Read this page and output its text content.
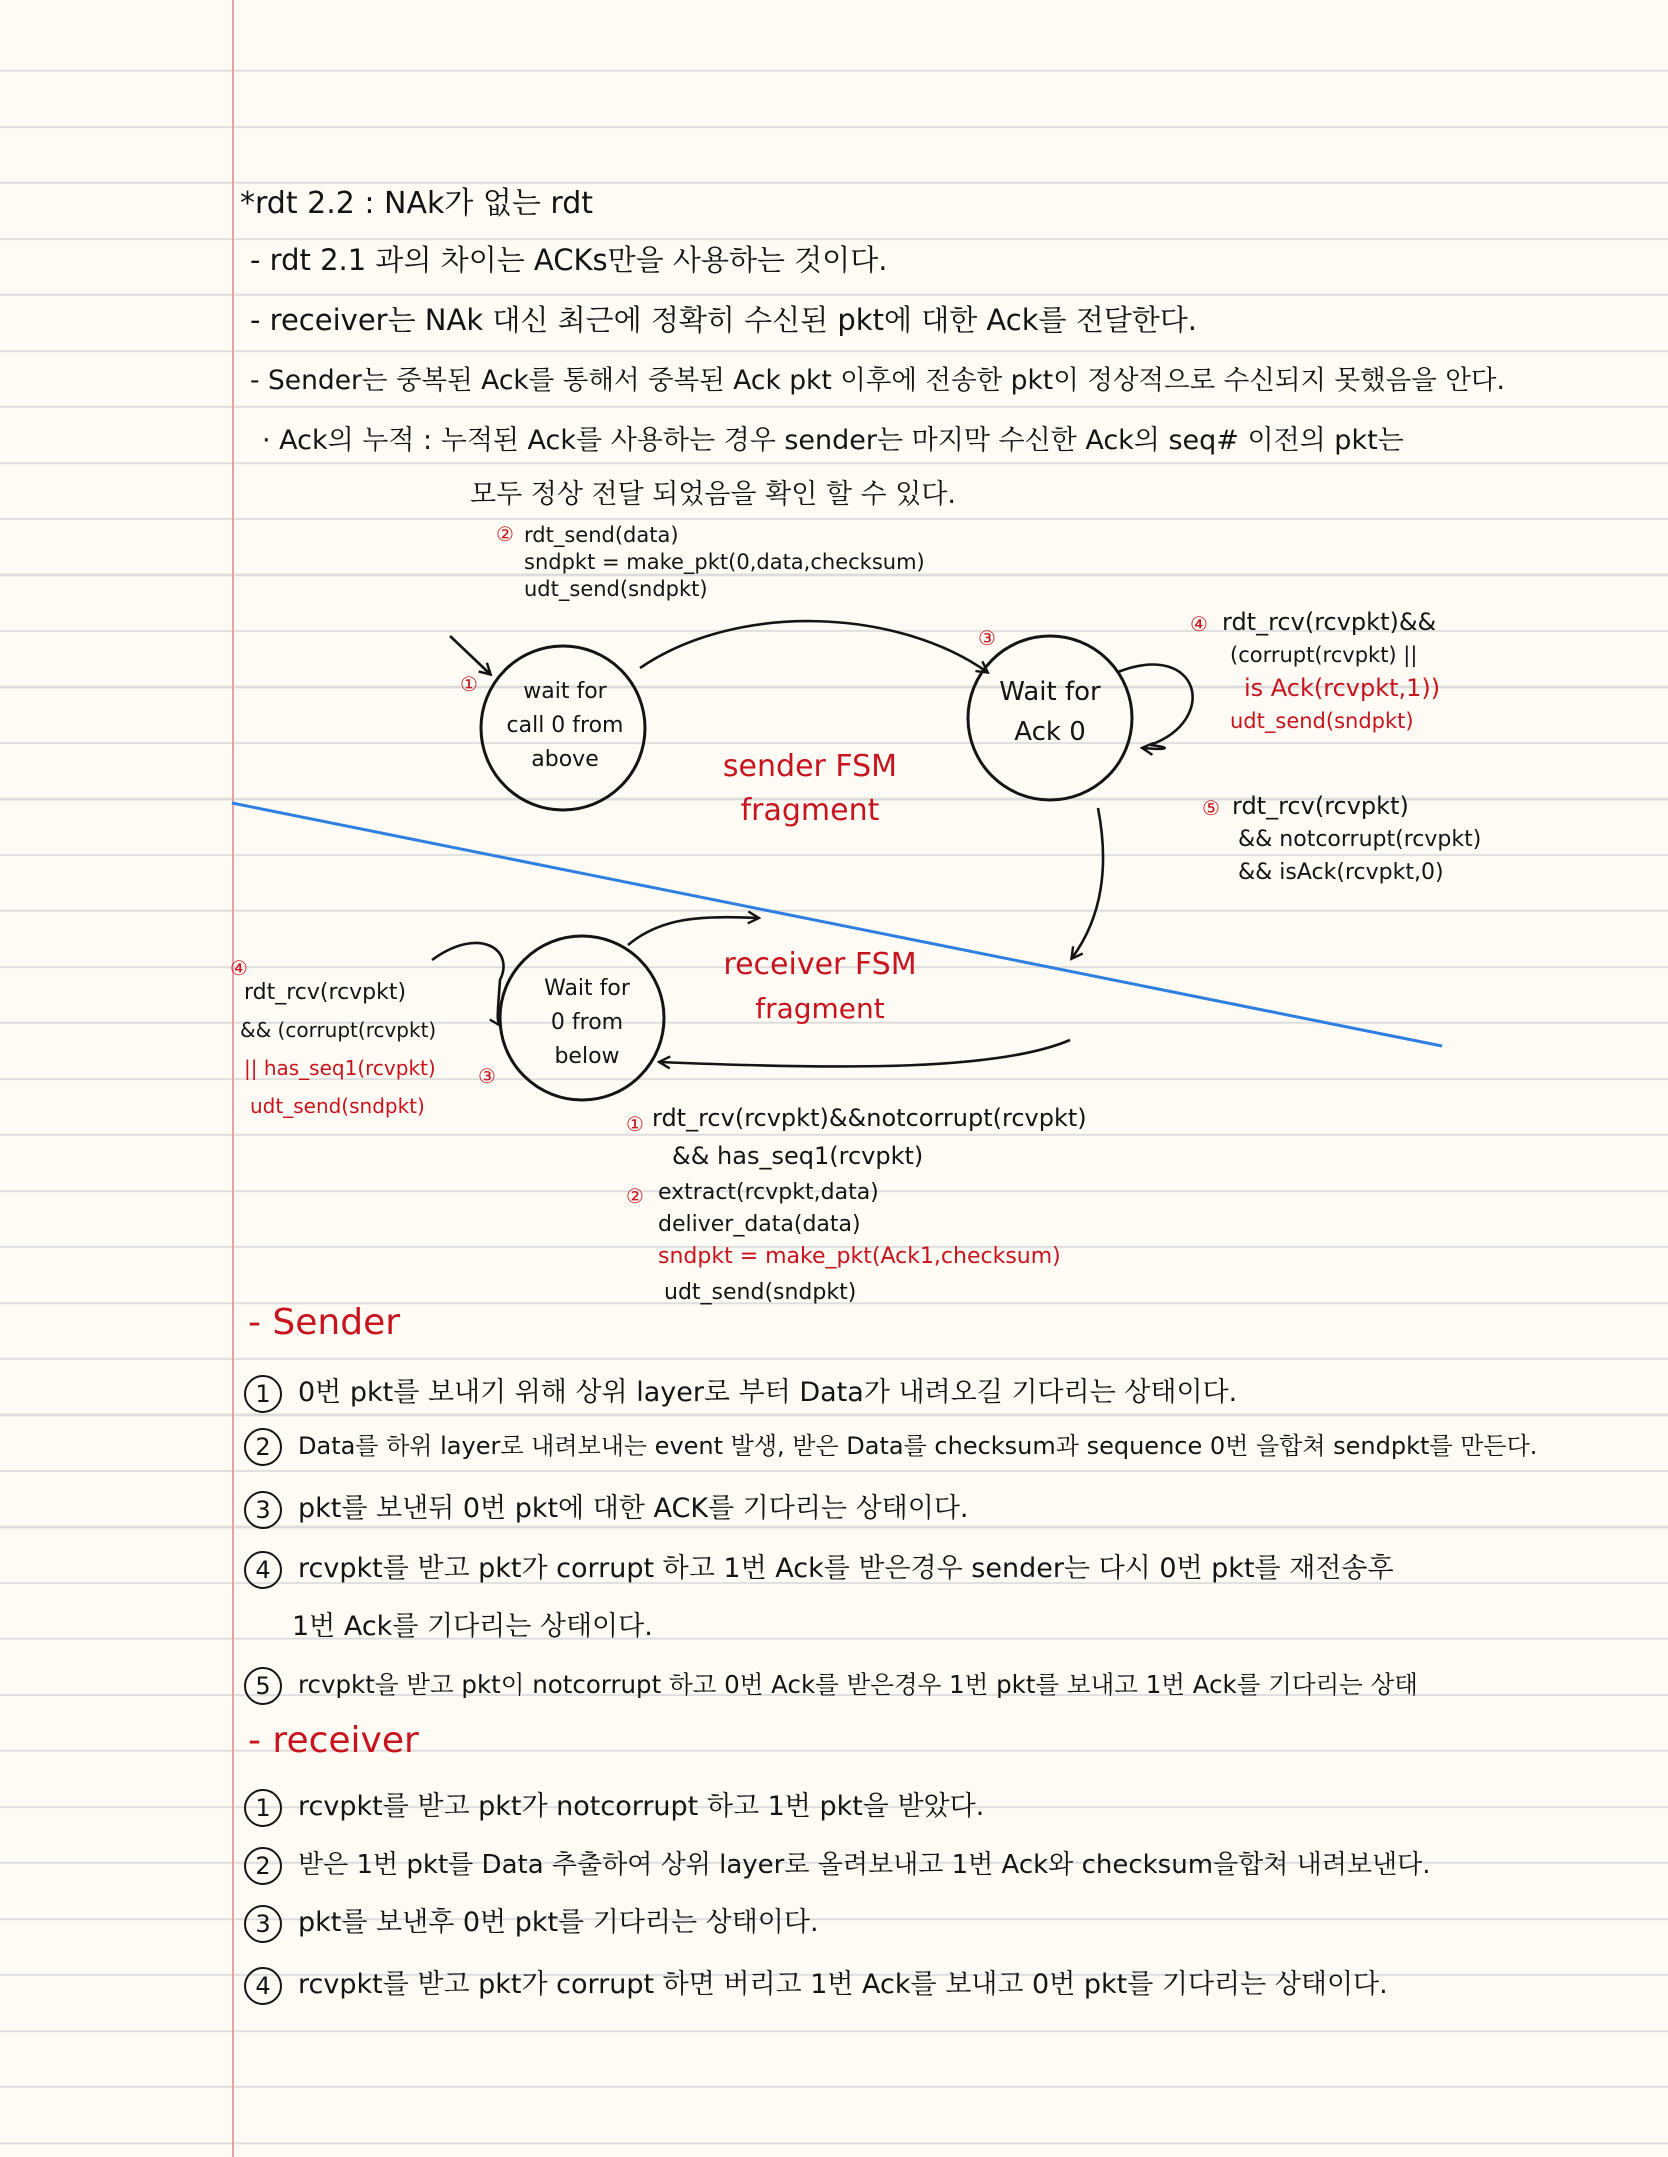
*rdt 2.2 : NAk가 없는 rdt
- rdt 2.1 과의 차이는 ACKs만을 사용하는 것이다.
- receiver는 NAk 대신 최근에 정확히 수신된 pkt에 대한 Ack를 전달한다.
- Sender는 중복된 Ack를 통해서 중복된 Ack pkt 이후에 전송한 pkt이 정상적으로 수신되지 못했음을 안다.
· Ack의 누적 : 누적된 Ack를 사용하는 경우 sender는 마지막 수신한 Ack의 seq# 이전의 pkt는
모두 정상 전달 되었음을 확인 할 수 있다.
② rdt_send(data)
sndpkt = make_pkt(0,data,checksum)
udt_send(sndpkt)
①	wait for
call 0 from
above
③
Wait for
Ack 0
④ rdt_rcv(rcvpkt)&&
(corrupt(rcvpkt) ||
is Ack(rcvpkt,1))
udt_send(sndpkt)
sender FSM
fragment	⑤ rdt_rcv(rcvpkt)
&& notcorrupt(rcvpkt)
&& isAck(rcvpkt,0)
③
Wait for
0 from
below
④
rdt_rcv(rcvpkt)
&& (corrupt(rcvpkt)
|| has_seq1(rcvpkt)
udt_send(sndpkt)
receiver FSM
fragment
① rdt_rcv(rcvpkt)&&notcorrupt(rcvpkt)
&& has_seq1(rcvpkt)
② extract(rcvpkt,data)
deliver_data(data)
sndpkt = make_pkt(Ack1,checksum)
udt_send(sndpkt)
- Sender
1 0번 pkt를 보내기 위해 상위 layer로 부터 Data가 내려오길 기다리는 상태이다.
2 Data를 하위 layer로 내려보내는 event 발생, 받은 Data를 checksum과 sequence 0번 을합쳐 sendpkt를 만든다.
3 pkt를 보낸뒤 0번 pkt에 대한 ACK를 기다리는 상태이다.
4 rcvpkt를 받고 pkt가 corrupt 하고 1번 Ack를 받은경우 sender는 다시 0번 pkt를 재전송후
1번 Ack를 기다리는 상태이다.
5 rcvpkt을 받고 pkt이 notcorrupt 하고 0번 Ack를 받은경우 1번 pkt를 보내고 1번 Ack를 기다리는 상태
- receiver
1 rcvpkt를 받고 pkt가 notcorrupt 하고 1번 pkt을 받았다.
2 받은 1번 pkt를 Data 추출하여 상위 layer로 올려보내고 1번 Ack와 checksum을합쳐 내려보낸다.
3 pkt를 보낸후 0번 pkt를 기다리는 상태이다.
4 rcvpkt를 받고 pkt가 corrupt 하면 버리고 1번 Ack를 보내고 0번 pkt를 기다리는 상태이다.
